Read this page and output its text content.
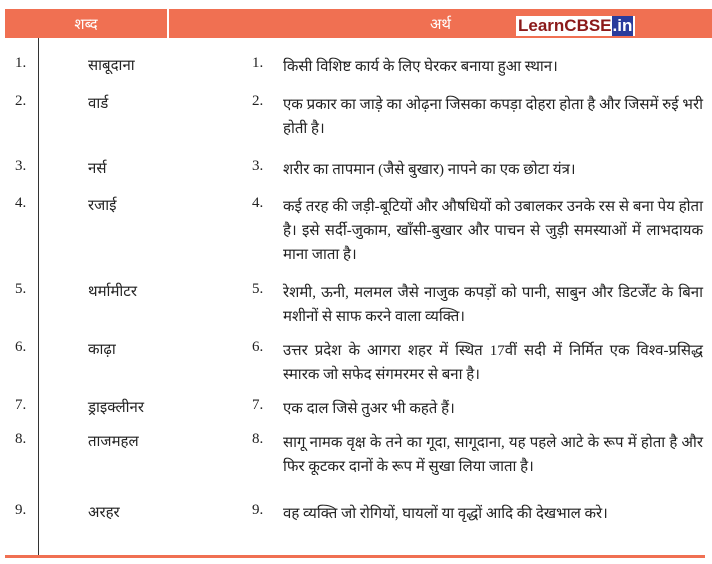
शब्द	अर्थ	LearnCBSE .in
1.	साबूदाना	1. किसी विशिष्ट कार्य के लिए घेरकर बनाया हुआ स्थान।
2.	वार्ड	2. एक प्रकार का जाड़े का ओढ़ना जिसका कपड़ा दोहरा होता है और जिसमें रुई भरी होती है।
3.	नर्स	3. शरीर का तापमान (जैसे बुखार) नापने का एक छोटा यंत्र।
4.	रजाई	4. कई तरह की जड़ी-बूटियों और औषधियों को उबालकर उनके रस से बना पेय होता है। इसे सर्दी-जुकाम, खाँसी-बुखार और पाचन से जुड़ी समस्याओं में लाभदायक माना जाता है।
5.	थर्मामीटर	5. रेशमी, ऊनी, मलमल जैसे नाजुक कपड़ों को पानी, साबुन और डिटर्जेंट के बिना मशीनों से साफ करने वाला व्यक्ति।
6.	काढ़ा	6. उत्तर प्रदेश के आगरा शहर में स्थित 17वीं सदी में निर्मित एक विश्व-प्रसिद्ध स्मारक जो सफेद संगमरमर से बना है।
7.	ड्राइक्लीनर	7. एक दाल जिसे तुअर भी कहते हैं।
8.	ताजमहल	8. सागू नामक वृक्ष के तने का गूदा, सागूदाना, यह पहले आटे के रूप में होता है और फिर कूटकर दानों के रूप में सुखा लिया जाता है।
9.	अरहर	9. वह व्यक्ति जो रोगियों, घायलों या वृद्धों आदि की देखभाल करे।
